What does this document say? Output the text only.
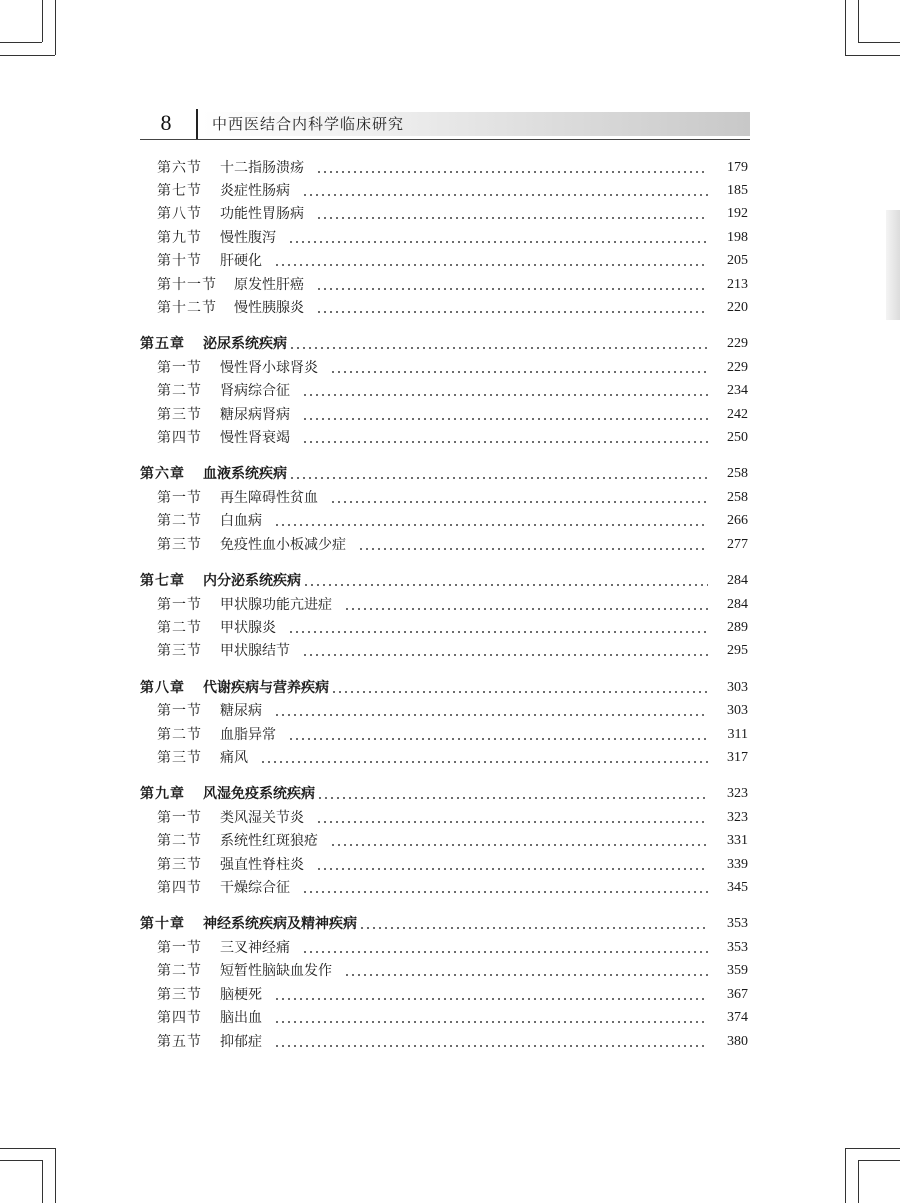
8	中西医结合内科学临床研究
第六节	十二指肠溃疡	179
第七节	炎症性肠病	185
第八节	功能性胃肠病	192
第九节	慢性腹泻	198
第十节	肝硬化	205
第十一节	原发性肝癌	213
第十二节	慢性胰腺炎	220
第五章	泌尿系统疾病	229
第一节	慢性肾小球肾炎	229
第二节	肾病综合征	234
第三节	糖尿病肾病	242
第四节	慢性肾衰竭	250
第六章	血液系统疾病	258
第一节	再生障碍性贫血	258
第二节	白血病	266
第三节	免疫性血小板减少症	277
第七章	内分泌系统疾病	284
第一节	甲状腺功能亢进症	284
第二节	甲状腺炎	289
第三节	甲状腺结节	295
第八章	代谢疾病与营养疾病	303
第一节	糖尿病	303
第二节	血脂异常	311
第三节	痛风	317
第九章	风湿免疫系统疾病	323
第一节	类风湿关节炎	323
第二节	系统性红斑狼疮	331
第三节	强直性脊柱炎	339
第四节	干燥综合征	345
第十章	神经系统疾病及精神疾病	353
第一节	三叉神经痛	353
第二节	短暂性脑缺血发作	359
第三节	脑梗死	367
第四节	脑出血	374
第五节	抑郁症	380
